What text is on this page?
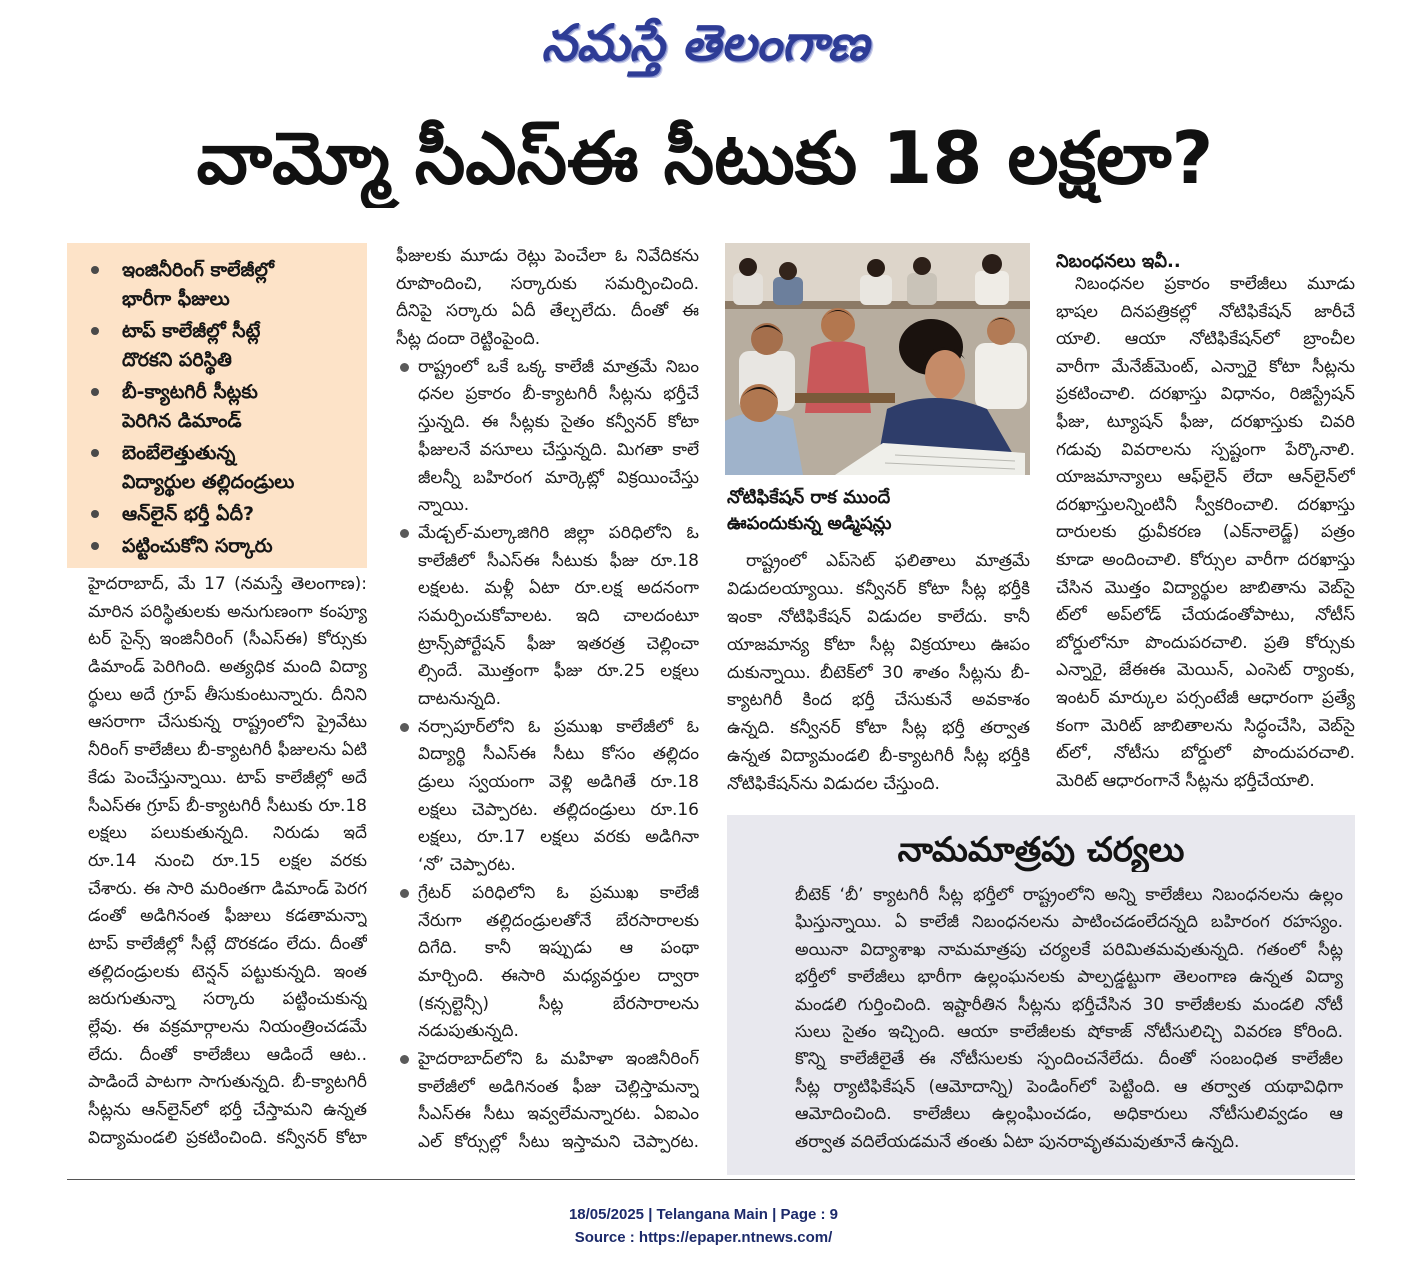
నమస్తే తెలంగాణ
వామ్మో సీఎస్ఈ సీటుకు 18 లక్షలా?
ఇంజినీరింగ్ కాలేజీల్లో
భారీగా ఫీజులు
టాప్ కాలేజీల్లో సీట్లే
దొరకని పరిస్థితి
బీ-క్యాటగిరీ సీట్లకు
పెరిగిన డిమాండ్
బెంబేలెత్తుతున్న
విద్యార్థుల తల్లిదండ్రులు
ఆన్‌లైన్ భర్తీ ఏదీ?
పట్టించుకోని సర్కారు
హైదరాబాద్, మే 17 (నమస్తే తెలంగాణ):
మారిన పరిస్థితులకు అనుగుణంగా కంప్యూ
టర్ సైన్స్ ఇంజినీరింగ్ (సీఎస్ఈ) కోర్సుకు
డిమాండ్ పెరిగింది. అత్యధిక మంది విద్యా
ర్థులు అదే గ్రూప్ తీసుకుంటున్నారు. దీనిని
ఆసరాగా చేసుకున్న రాష్ట్రంలోని ప్రైవేటు
నీరింగ్ కాలేజీలు బీ-క్యాటగిరీ ఫీజులను ఏటి
కేడు పెంచేస్తున్నాయి. టాప్ కాలేజీల్లో అదే
సీఎస్ఈ గ్రూప్ బీ-క్యాటగిరీ సీటుకు రూ.18
లక్షలు పలుకుతున్నది. నిరుడు ఇదే
రూ.14 నుంచి రూ.15 లక్షల వరకు
చేశారు. ఈ సారి మరింతగా డిమాండ్ పెరగ
డంతో అడిగినంత ఫీజులు కడతామన్నా
టాప్ కాలేజీల్లో సీట్లే దొరకడం లేదు. దీంతో
తల్లిదండ్రులకు టెన్షన్ పట్టుకున్నది. ఇంత
జరుగుతున్నా సర్కారు పట్టించుకున్న
ల్లేవు. ఈ వక్రమార్గాలను నియంత్రించడమే
లేదు. దీంతో కాలేజీలు ఆడిందే ఆట..
పాడిందే పాటగా సాగుతున్నది. బీ-క్యాటగిరీ
సీట్లను ఆన్‌లైన్‌లో భర్తీ చేస్తామని ఉన్నత
విద్యామండలి ప్రకటించింది. కన్వీనర్ కోటా
ఫీజులకు మూడు రెట్లు పెంచేలా ఓ నివేదికను
రూపొందించి, సర్కారుకు సమర్పించింది.
దీనిపై సర్కారు ఏదీ తేల్చలేదు. దీంతో ఈ
సీట్ల దందా రెట్టింపైంది.
రాష్ట్రంలో ఒకే ఒక్క కాలేజీ మాత్రమే నిబం
ధనల ప్రకారం బీ-క్యాటగిరీ సీట్లను భర్తీచే
స్తున్నది. ఈ సీట్లకు సైతం కన్వీనర్ కోటా
ఫీజులనే వసూలు చేస్తున్నది. మిగతా కాలే
జీలన్నీ బహిరంగ మార్కెట్లో విక్రయించేస్తు
న్నాయి.
మేడ్చల్-మల్కాజిగిరి జిల్లా పరిధిలోని ఓ
కాలేజీలో సీఎస్ఈ సీటుకు ఫీజు రూ.18
లక్షలట. మళ్లీ ఏటా రూ.లక్ష అదనంగా
సమర్పించుకోవాలట. ఇది చాలదంటూ
ట్రాన్స్‌పోర్టేషన్ ఫీజు ఇతరత్ర చెల్లించా
ల్సిందే. మొత్తంగా ఫీజు రూ.25 లక్షలు
దాటనున్నది.
నర్సాపూర్‌లోని ఓ ప్రముఖ కాలేజీలో ఓ
విద్యార్థి సీఎస్ఈ సీటు కోసం తల్లిదం
డ్రులు స్వయంగా వెళ్లి అడిగితే రూ.18
లక్షలు చెప్పారట. తల్లిదండ్రులు రూ.16
లక్షలు, రూ.17 లక్షలు వరకు అడిగినా
‘నో’ చెప్పారట.
గ్రేటర్ పరిధిలోని ఓ ప్రముఖ కాలేజీ
నేరుగా తల్లిదండ్రులతోనే బేరసారాలకు
దిగేది. కానీ ఇప్పుడు ఆ పంథా
మార్చింది. ఈసారి మధ్యవర్తుల ద్వారా
(కన్సల్టెన్సీ) సీట్ల బేరసారాలను
నడుపుతున్నది.
హైదరాబాద్‌లోని ఓ మహిళా ఇంజినీరింగ్
కాలేజీలో అడిగినంత ఫీజు చెల్లిస్తామన్నా
సీఎస్ఈ సీటు ఇవ్వలేమన్నారట. ఏఐఎం
ఎల్ కోర్సుల్లో సీటు ఇస్తామని చెప్పారట.
నోటిఫికేషన్ రాక ముందే
ఊపందుకున్న అడ్మిషన్లు
రాష్ట్రంలో ఎప్‌సెట్ ఫలితాలు మాత్రమే
విడుదలయ్యాయి. కన్వీనర్ కోటా సీట్ల భర్తీకి
ఇంకా నోటిఫికేషన్ విడుదల కాలేదు. కానీ
యాజమాన్య కోటా సీట్ల విక్రయాలు ఊపం
దుకున్నాయి. బీటెక్‌లో 30 శాతం సీట్లను బీ-
క్యాటగిరీ కింద భర్తీ చేసుకునే అవకాశం
ఉన్నది. కన్వీనర్ కోటా సీట్ల భర్తీ తర్వాత
ఉన్నత విద్యామండలి బీ-క్యాటగిరీ సీట్ల భర్తీకి
నోటిఫికేషన్‌ను విడుదల చేస్తుంది.
నిబంధనలు ఇవీ..
నిబంధనల ప్రకారం కాలేజీలు మూడు
భాషల దినపత్రికల్లో నోటిఫికేషన్ జారీచే
యాలి. ఆయా నోటిఫికేషన్‌లో బ్రాంచీల
వారీగా మేనేజ్‌మెంట్, ఎన్నారై కోటా సీట్లను
ప్రకటించాలి. దరఖాస్తు విధానం, రిజిస్ట్రేషన్
ఫీజు, ట్యూషన్ ఫీజు, దరఖాస్తుకు చివరి
గడువు వివరాలను స్పష్టంగా పేర్కొనాలి.
యాజమాన్యాలు ఆఫ్‌లైన్ లేదా ఆన్‌లైన్‌లో
దరఖాస్తులన్నింటినీ స్వీకరించాలి. దరఖాస్తు
దారులకు ధ్రువీకరణ (ఎక్‌నాలెడ్జ్) పత్రం
కూడా అందించాలి. కోర్సుల వారీగా దరఖాస్తు
చేసిన మొత్తం విద్యార్థుల జాబితాను వెబ్‌సై
ట్‌లో అప్‌లోడ్ చేయడంతోపాటు, నోటీస్
బోర్డులోనూ పొందుపరచాలి. ప్రతి కోర్సుకు
ఎన్నారై, జేఈఈ మెయిన్, ఎంసెట్ ర్యాంకు,
ఇంటర్ మార్కుల పర్సంటేజీ ఆధారంగా ప్రత్యే
కంగా మెరిట్ జాబితాలను సిద్ధంచేసి, వెబ్‌సై
ట్‌లో, నోటీసు బోర్డులో పొందుపరచాలి.
మెరిట్ ఆధారంగానే సీట్లను భర్తీచేయాలి.
నామమాత్రపు చర్యలు
బీటెక్ ‘బీ’ క్యాటగిరీ సీట్ల భర్తీలో రాష్ట్రంలోని అన్ని కాలేజీలు నిబంధనలను ఉల్లం
ఘిస్తున్నాయి. ఏ కాలేజీ నిబంధనలను పాటించడంలేదన్నది బహిరంగ రహస్యం.
అయినా విద్యాశాఖ నామమాత్రపు చర్యలకే పరిమితమవుతున్నది. గతంలో సీట్ల
భర్తీలో కాలేజీలు భారీగా ఉల్లంఘనలకు పాల్పడ్డట్టుగా తెలంగాణ ఉన్నత విద్యా
మండలి గుర్తించింది. ఇష్టారీతిన సీట్లను భర్తీచేసిన 30 కాలేజీలకు మండలి నోటీ
సులు సైతం ఇచ్చింది. ఆయా కాలేజీలకు షోకాజ్ నోటీసులిచ్చి వివరణ కోరింది.
కొన్ని కాలేజీలైతే ఈ నోటీసులకు స్పందించనేలేదు. దీంతో సంబంధిత కాలేజీల
సీట్ల ర్యాటిఫికేషన్ (ఆమోదాన్ని) పెండింగ్‌లో పెట్టింది. ఆ తర్వాత యథావిధిగా
ఆమోదించింది. కాలేజీలు ఉల్లంఘించడం, అధికారులు నోటీసులివ్వడం ఆ
తర్వాత వదిలేయడమనే తంతు ఏటా పునరావృతమవుతూనే ఉన్నది.
18/05/2025 | Telangana Main | Page : 9
Source : https://epaper.ntnews.com/
